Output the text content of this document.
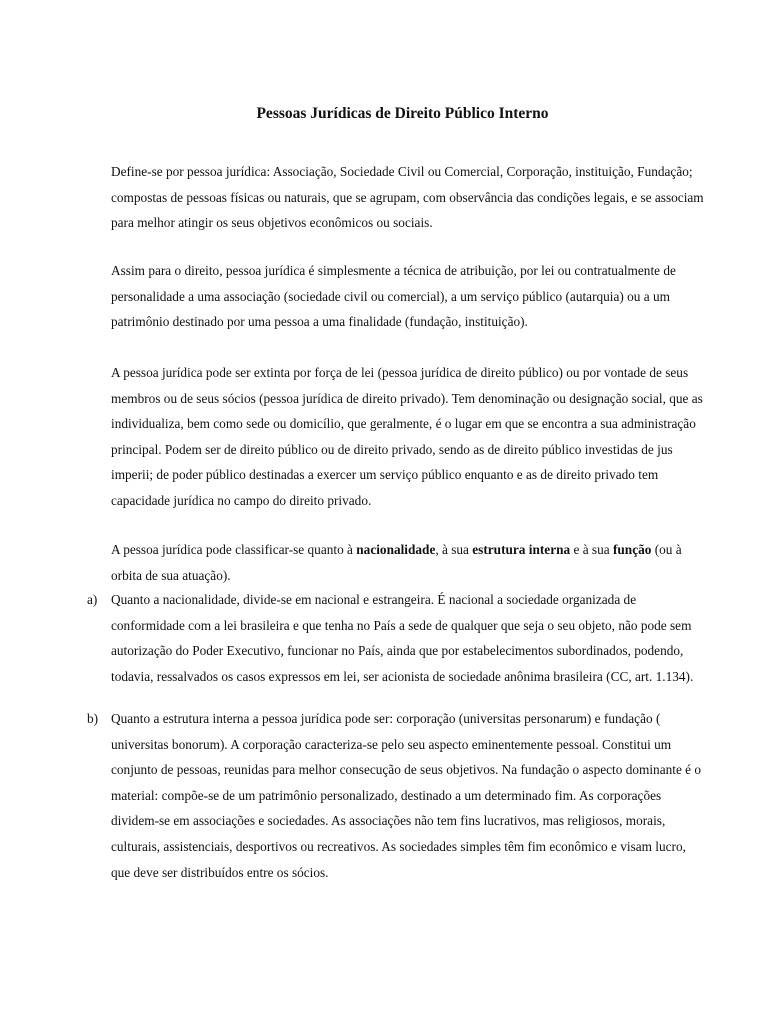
Pessoas Jurídicas de Direito Público Interno

Define-se por pessoa jurídica: Associação, Sociedade Civil ou Comercial, Corporação, instituição, Fundação; compostas de pessoas físicas ou naturais, que se agrupam, com observância das condições legais, e se associam para melhor atingir os seus objetivos econômicos ou sociais.

Assim para o direito, pessoa jurídica é simplesmente a técnica de atribuição, por lei ou contratualmente de personalidade a uma associação (sociedade civil ou comercial), a um serviço público (autarquia) ou a um patrimônio destinado por uma pessoa a uma finalidade (fundação, instituição).

A pessoa jurídica pode ser extinta por força de lei (pessoa jurídica de direito público) ou por vontade de seus membros ou de seus sócios (pessoa jurídica de direito privado). Tem denominação ou designação social, que as individualiza, bem como sede ou domicílio, que geralmente, é o lugar em que se encontra a sua administração principal. Podem ser de direito público ou de direito privado, sendo as de direito público investidas de jus imperii; de poder público destinadas a exercer um serviço público enquanto e as de direito privado tem capacidade jurídica no campo do direito privado.

A pessoa jurídica pode classificar-se quanto à nacionalidade, à sua estrutura interna e à sua função (ou à orbita de sua atuação).

a) Quanto a nacionalidade, divide-se em nacional e estrangeira. É nacional a sociedade organizada de conformidade com a lei brasileira e que tenha no País a sede de qualquer que seja o seu objeto, não pode sem autorização do Poder Executivo, funcionar no País, ainda que por estabelecimentos subordinados, podendo, todavia, ressalvados os casos expressos em lei, ser acionista de sociedade anônima brasileira (CC, art. 1.134).

b) Quanto a estrutura interna a pessoa jurídica pode ser: corporação (universitas personarum) e fundação ( universitas bonorum). A corporação caracteriza-se pelo seu aspecto eminentemente pessoal. Constitui um conjunto de pessoas, reunidas para melhor consecução de seus objetivos. Na fundação o aspecto dominante é o material: compõe-se de um patrimônio personalizado, destinado a um determinado fim. As corporações dividem-se em associações e sociedades. As associações não tem fins lucrativos, mas religiosos, morais, culturais, assistenciais, desportivos ou recreativos. As sociedades simples têm fim econômico e visam lucro, que deve ser distribuídos entre os sócios.
